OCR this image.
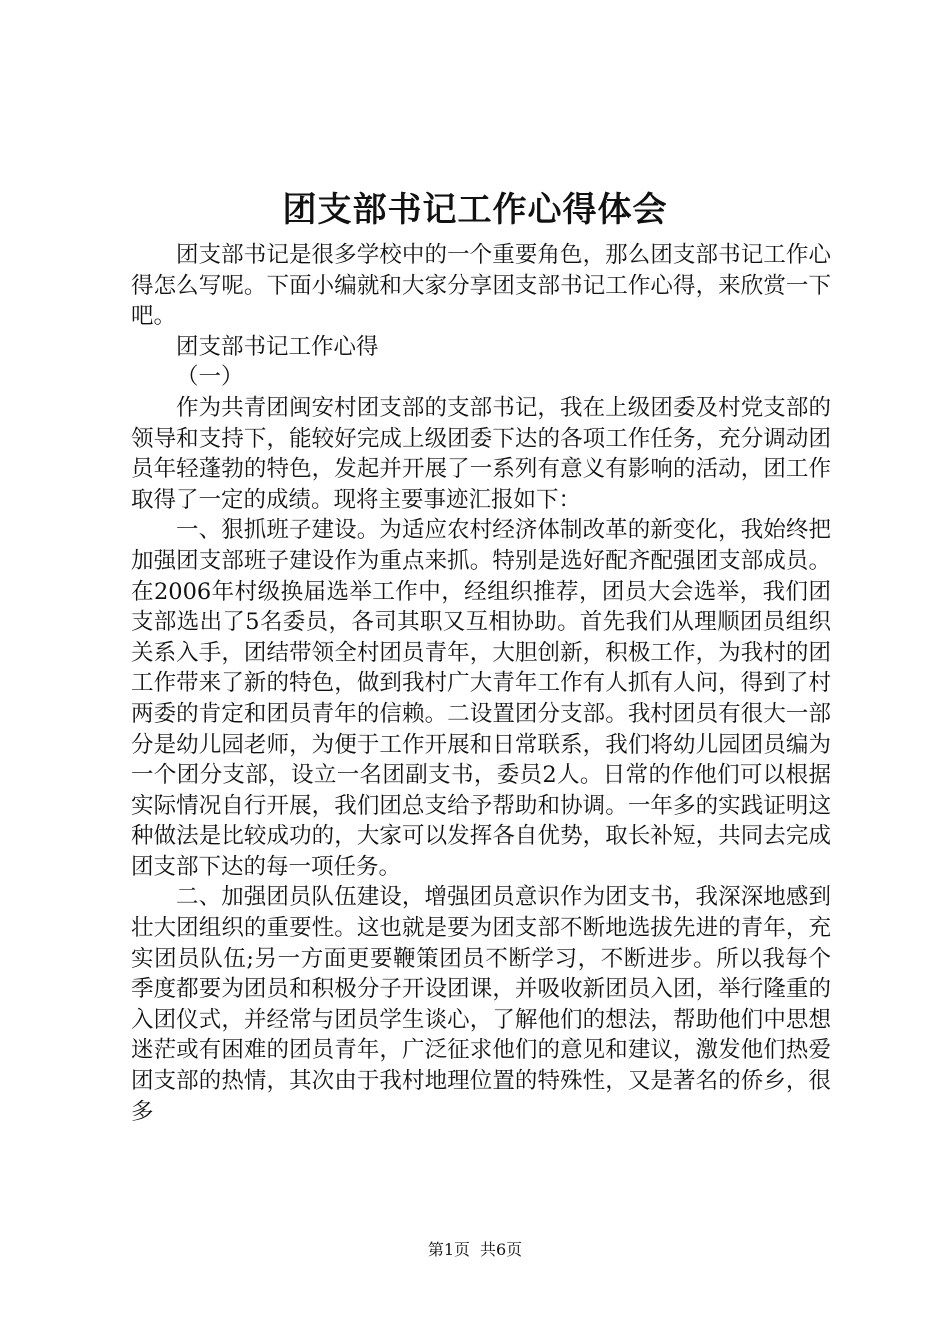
团支部书记工作心得体会

团支部书记是很多学校中的一个重要角色，那么团支部书记工作心得怎么写呢。下面小编就和大家分享团支部书记工作心得，来欣赏一下吧。

团支部书记工作心得

（一）

作为共青团闽安村团支部的支部书记，我在上级团委及村党支部的领导和支持下，能较好完成上级团委下达的各项工作任务，充分调动团员年轻蓬勃的特色，发起并开展了一系列有意义有影响的活动，团工作取得了一定的成绩。现将主要事迹汇报如下：

一、狠抓班子建设。为适应农村经济体制改革的新变化，我始终把加强团支部班子建设作为重点来抓。特别是选好配齐配强团支部成员。在2006年村级换届选举工作中，经组织推荐，团员大会选举，我们团支部选出了5名委员，各司其职又互相协助。首先我们从理顺团员组织关系入手，团结带领全村团员青年，大胆创新，积极工作，为我村的团工作带来了新的特色，做到我村广大青年工作有人抓有人问，得到了村两委的肯定和团员青年的信赖。二设置团分支部。我村团员有很大一部分是幼儿园老师，为便于工作开展和日常联系，我们将幼儿园团员编为一个团分支部，设立一名团副支书，委员2人。日常的作他们可以根据实际情况自行开展，我们团总支给予帮助和协调。一年多的实践证明这种做法是比较成功的，大家可以发挥各自优势，取长补短，共同去完成团支部下达的每一项任务。

二、加强团员队伍建设，增强团员意识作为团支书，我深深地感到壮大团组织的重要性。这也就是要为团支部不断地选拔先进的青年，充实团员队伍;另一方面更要鞭策团员不断学习，不断进步。所以我每个季度都要为团员和积极分子开设团课，并吸收新团员入团，举行隆重的入团仪式，并经常与团员学生谈心，了解他们的想法，帮助他们中思想迷茫或有困难的团员青年，广泛征求他们的意见和建议，激发他们热爱团支部的热情，其次由于我村地理位置的特殊性，又是著名的侨乡，很多

第1页 共6页
